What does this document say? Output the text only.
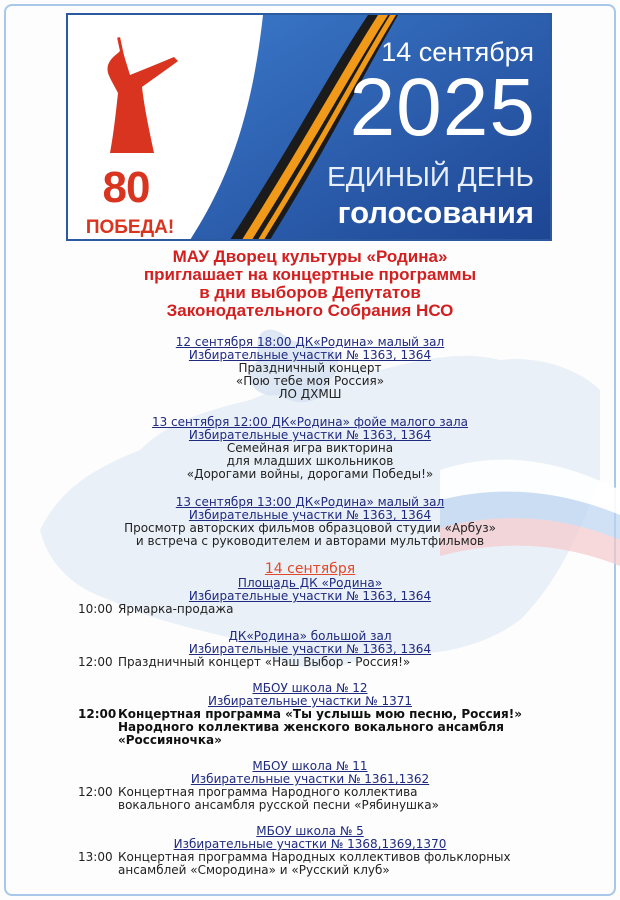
80
ПОБЕДА!
14 сентября
2025
ЕДИНЫЙ ДЕНЬ
голосования
МАУ Дворец культуры «Родина»
приглашает на концертные программы
в дни выборов Депутатов
Законодательного Собрания НСО
12 сентября 18:00 ДК«Родина» малый зал
Избирательные участки № 1363, 1364
Праздничный концерт
«Пою тебе моя Россия»
ЛО ДХМШ
13 сентября 12:00 ДК«Родина» фойе малого зала
Избирательные участки № 1363, 1364
Семейная игра викторина
для младших школьников
«Дорогами войны, дорогами Победы!»
13 сентября 13:00 ДК«Родина» малый зал
Избирательные участки № 1363, 1364
Просмотр авторских фильмов образцовой студии «Арбуз»
и встреча с руководителем и авторами мультфильмов
14 сентября
Площадь ДК «Родина»
Избирательные участки № 1363, 1364
10:00 Ярмарка-продажа
ДК«Родина» большой зал
Избирательные участки № 1363, 1364
12:00 Праздничный концерт «Наш Выбор - Россия!»
МБОУ школа № 12
Избирательные участки № 1371
12:00 Концертная программа «Ты услышь мою песню, Россия!»
Народного коллектива женского вокального ансамбля
«Россияночка»
МБОУ школа № 11
Избирательные участки № 1361,1362
12:00 Концертная программа Народного коллектива
вокального ансамбля русской песни «Рябинушка»
МБОУ школа № 5
Избирательные участки № 1368,1369,1370
13:00 Концертная программа Народных коллективов фольклорных
ансамблей «Смородина» и «Русский клуб»
